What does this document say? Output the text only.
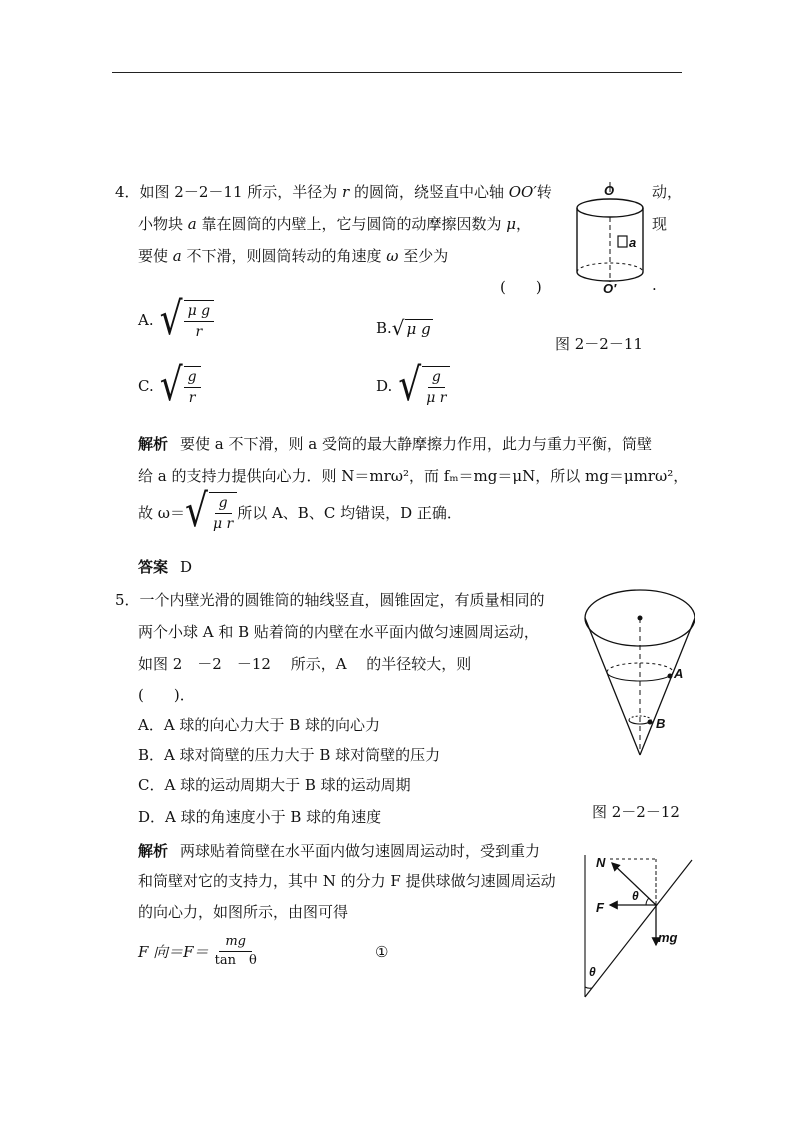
4．如图 2－2－11 所示，半径为 r 的圆筒，绕竖直中心轴 OO′转	动，
小物块 a 靠在圆筒的内壁上，它与圆筒的动摩擦因数为 μ，	现
要使 a 不下滑，则圆筒转动的角速度 ω 至少为
(　　)	.
O
a
O′
图 2－2－11
A. √ $\frac{\text{μ g}}{r}$	B. √ μ g
C. √ $\frac{g}{r}$	D. √ $\frac{g}{\text{μ r}}$
解析 要使 a 不下滑，则 a 受筒的最大静摩擦力作用，此力与重力平衡，筒壁
给 a 的支持力提供向心力．则 N＝mrω²，而 fₘ＝mg＝μN，所以 mg＝μmrω²，
故 ω＝ √ $\frac{g}{\text{μ r}}$ 所以 A、B、C 均错误，D 正确．
答案 D
5．一个内壁光滑的圆锥筒的轴线竖直，圆锥固定，有质量相同的
两个小球 A 和 B 贴着筒的内壁在水平面内做匀速圆周运动，
如图 2　－2　－12　 所示，A　 的半径较大，则
(　　)．
A．A 球的向心力大于 B 球的向心力
B．A 球对筒壁的压力大于 B 球对筒壁的压力
C．A 球的运动周期大于 B 球的运动周期
D．A 球的角速度小于 B 球的角速度
A
B
图 2－2－12
解析 两球贴着筒壁在水平面内做匀速圆周运动时，受到重力
和筒壁对它的支持力，其中 N 的分力 F 提供球做匀速圆周运动
的向心力，如图所示，由图可得
F 向＝F＝
mg
tan　θ	①
N
F
θ
mg
θ
